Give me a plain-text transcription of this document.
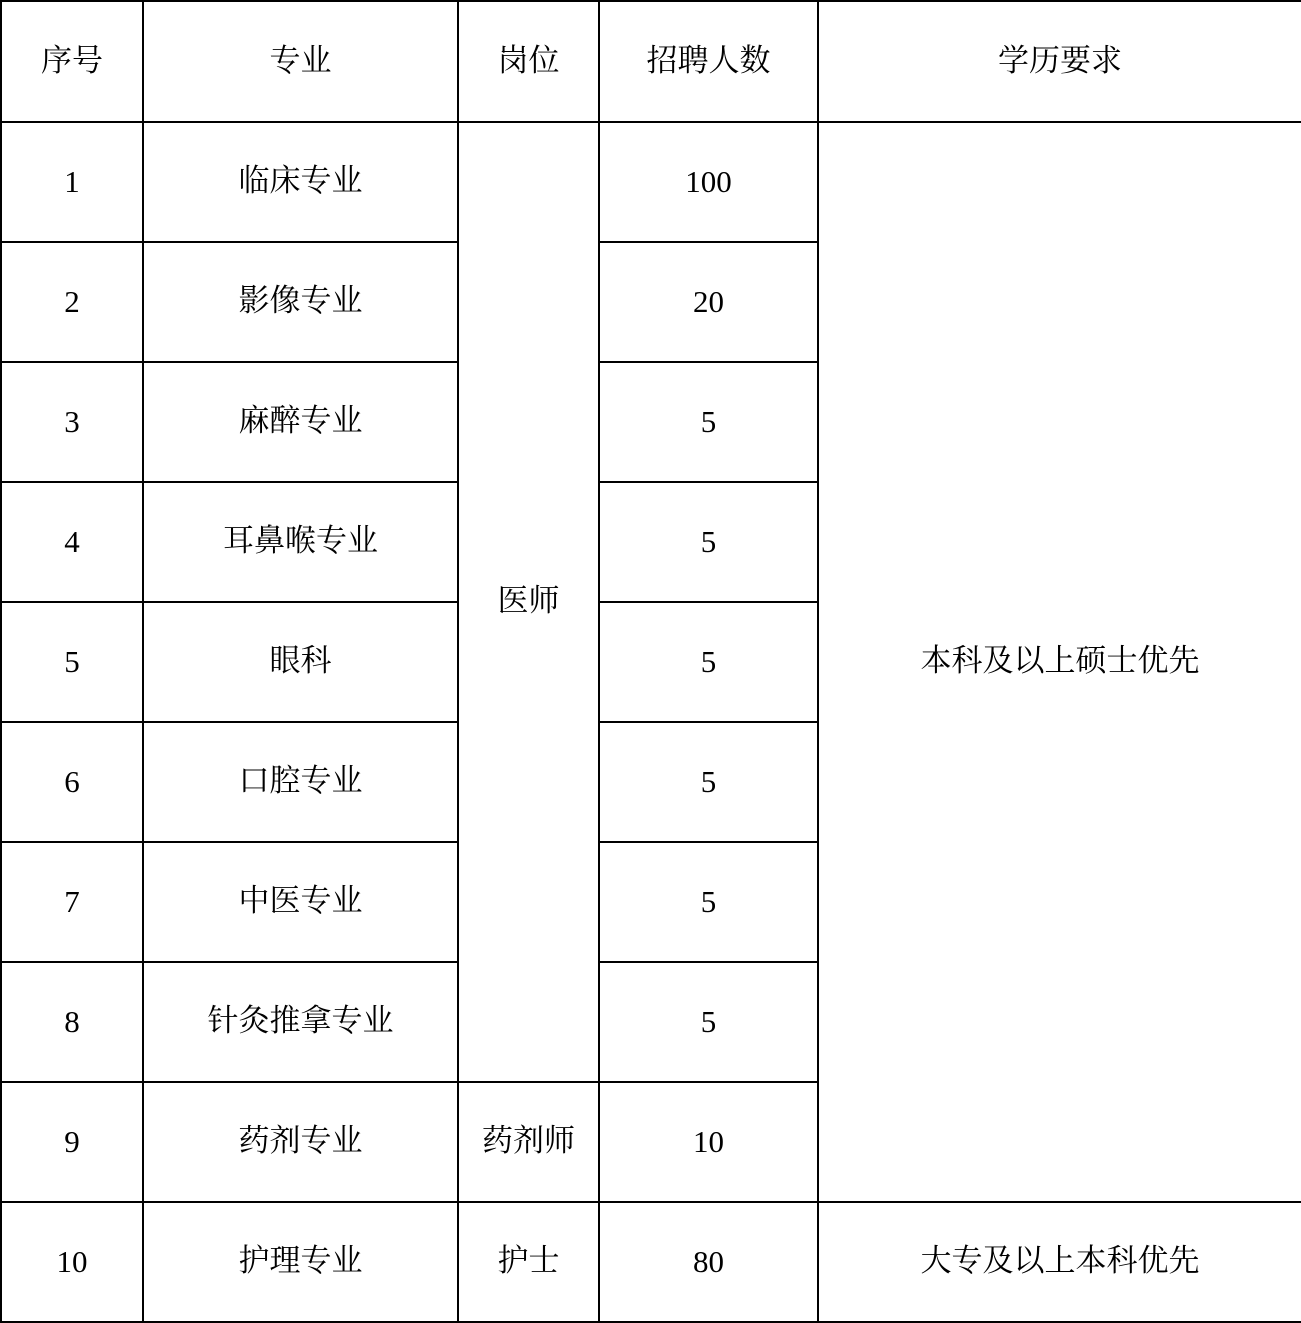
序号	专业	岗位	招聘人数	学历要求
1	临床专业	医师	100	本科及以上硕士优先
2	影像专业		20	
3	麻醉专业		5	
4	耳鼻喉专业		5	
5	眼科		5	
6	口腔专业		5	
7	中医专业		5	
8	针灸推拿专业		5	
9	药剂专业	药剂师	10	
10	护理专业	护士	80	大专及以上本科优先
